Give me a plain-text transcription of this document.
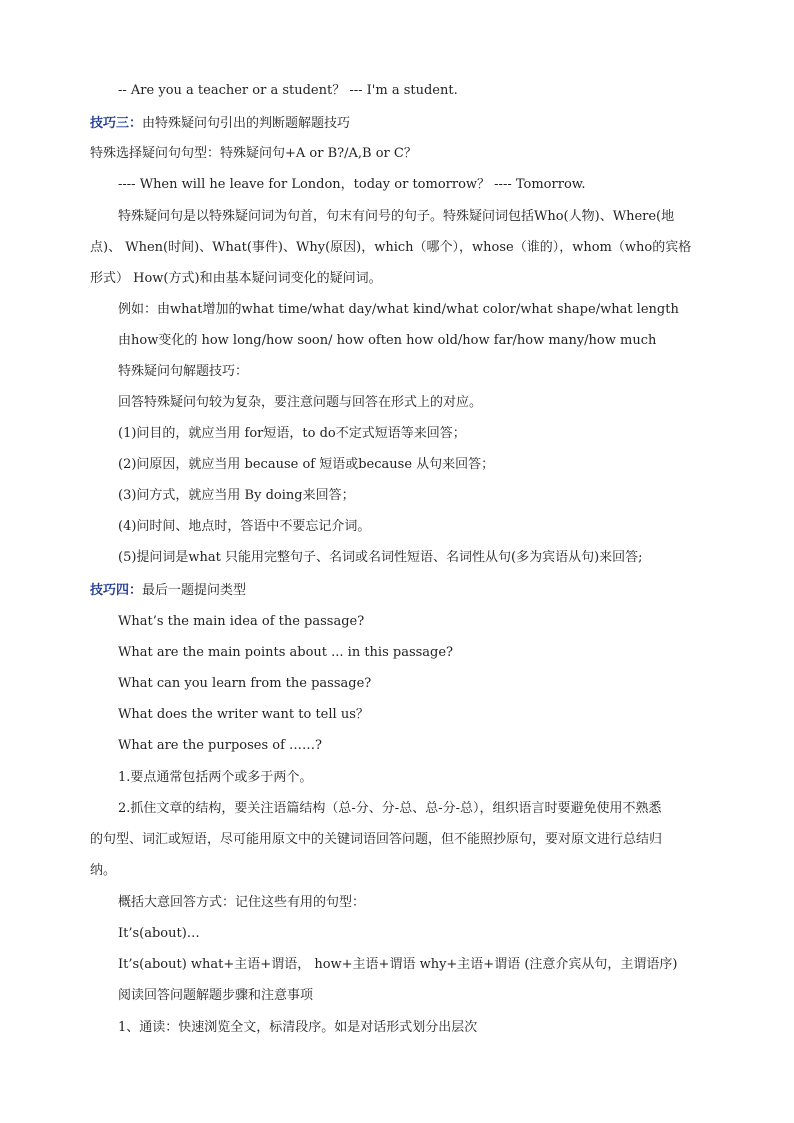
-- Are you a teacher or a student？ --- I'm a student.
技巧三：由特殊疑问句引出的判断题解题技巧
特殊选择疑问句句型：特殊疑问句+A or B?/A,B or C？
---- When will he leave for London，today or tomorrow？ ---- Tomorrow.
特殊疑问句是以特殊疑问词为句首，句末有问号的句子。特殊疑问词包括Who(人物)、Where(地
点)、 When(时间)、What(事件)、Why(原因)，which（哪个），whose（谁的），whom（who的宾格
形式） How(方式)和由基本疑问词变化的疑问词。
例如：由what增加的what time/what day/what kind/what color/what shape/what length
由how变化的 how long/how soon/ how often how old/how far/how many/how much
特殊疑问句解题技巧：
回答特殊疑问句较为复杂，要注意问题与回答在形式上的对应。
(1)问目的，就应当用 for短语，to do不定式短语等来回答；
(2)问原因，就应当用 because of 短语或because 从句来回答；
(3)问方式，就应当用 By doing来回答；
(4)问时间、地点时，答语中不要忘记介词。
(5)提问词是what 只能用完整句子、名词或名词性短语、名词性从句(多为宾语从句)来回答;
技巧四：最后一题提问类型
What’s the main idea of the passage?
What are the main points about ... in this passage?
What can you learn from the passage?
What does the writer want to tell us？
What are the purposes of ……?
1.要点通常包括两个或多于两个。
2.抓住文章的结构，要关注语篇结构（总-分、分-总、总-分-总），组织语言时要避免使用不熟悉
的句型、词汇或短语，尽可能用原文中的关键词语回答问题，但不能照抄原句，要对原文进行总结归
纳。
概括大意回答方式：记住这些有用的句型：
It’s(about)…
It’s(about) what+主语+谓语， how+主语+谓语 why+主语+谓语 (注意介宾从句，主谓语序)
阅读回答问题解题步骤和注意事项
1、通读：快速浏览全文，标清段序。如是对话形式划分出层次
